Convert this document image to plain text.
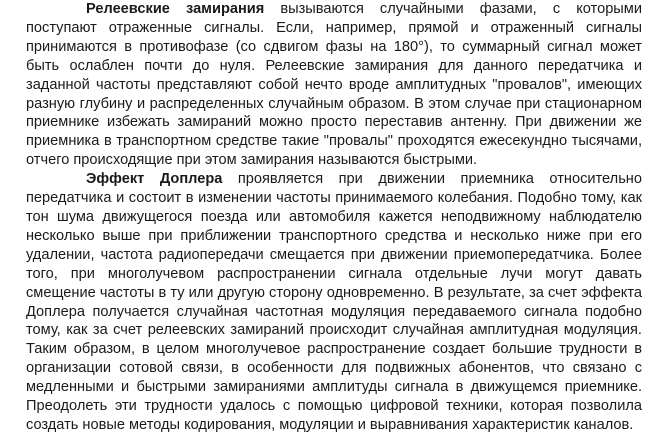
Релеевские замирания вызываются случайными фазами, с которыми поступают отраженные сигналы. Если, например, прямой и отраженный сигналы принимаются в противофазе (со сдвигом фазы на 180°), то суммарный сигнал может быть ослаблен почти до нуля. Релеевские замирания для данного передатчика и заданной частоты представляют собой нечто вроде амплитудных "провалов", имеющих разную глубину и распределенных случайным образом. В этом случае при стационарном приемнике избежать замираний можно просто переставив антенну. При движении же приемника в транспортном средстве такие "провалы" проходятся ежесекундно тысячами, отчего происходящие при этом замирания называются быстрыми.

Эффект Доплера проявляется при движении приемника относительно передатчика и состоит в изменении частоты принимаемого колебания. Подобно тому, как тон шума движущегося поезда или автомобиля кажется неподвижному наблюдателю несколько выше при приближении транспортного средства и несколько ниже при его удалении, частота радиопередачи смещается при движении приемопередатчика. Более того, при многолучевом распространении сигнала отдельные лучи могут давать смещение частоты в ту или другую сторону одновременно. В результате, за счет эффекта Доплера получается случайная частотная модуляция передаваемого сигнала подобно тому, как за счет релеевских замираний происходит случайная амплитудная модуляция. Таким образом, в целом многолучевое распространение создает большие трудности в организации сотовой связи, в особенности для подвижных абонентов, что связано с медленными и быстрыми замираниями амплитуды сигнала в движущемся приемнике. Преодолеть эти трудности удалось с помощью цифровой техники, которая позволила создать новые методы кодирования, модуляции и выравнивания характеристик каналов.
